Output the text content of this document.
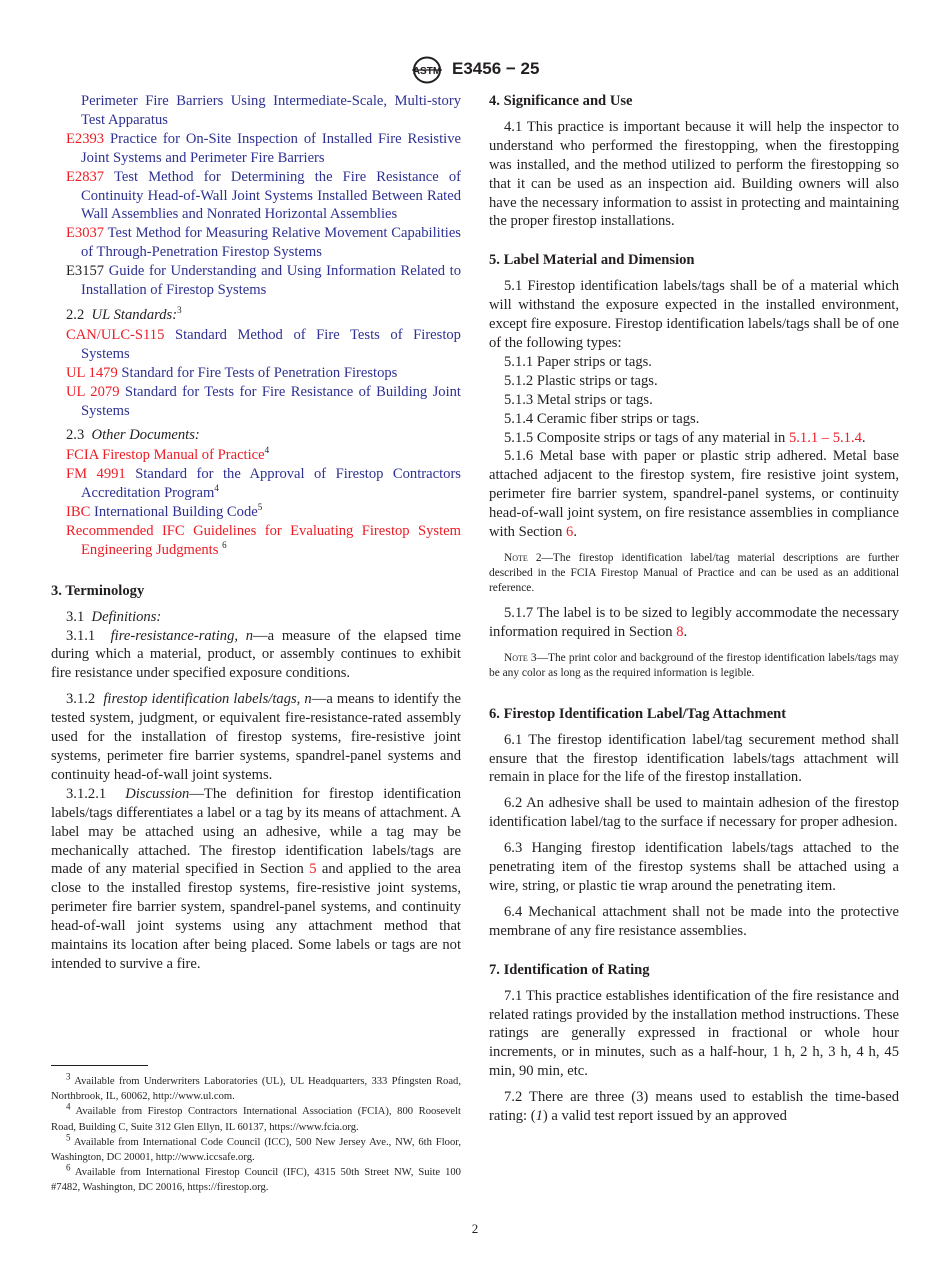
ASTM E3456 − 25

Perimeter Fire Barriers Using Intermediate-Scale, Multi-story Test Apparatus

E2393 Practice for On-Site Inspection of Installed Fire Resistive Joint Systems and Perimeter Fire Barriers

E2837 Test Method for Determining the Fire Resistance of Continuity Head-of-Wall Joint Systems Installed Between Rated Wall Assemblies and Nonrated Horizontal Assemblies

E3037 Test Method for Measuring Relative Movement Capabilities of Through-Penetration Firestop Systems

E3157 Guide for Understanding and Using Information Related to Installation of Firestop Systems

2.2 UL Standards:$^3$

CAN/ULC-S115 Standard Method of Fire Tests of Firestop Systems

UL 1479 Standard for Fire Tests of Penetration Firestops

UL 2079 Standard for Tests for Fire Resistance of Building Joint Systems

2.3 Other Documents:

FCIA Firestop Manual of Practice$^4$

FM 4991 Standard for the Approval of Firestop Contractors Accreditation Program$^4$

IBC International Building Code$^5$

Recommended IFC Guidelines for Evaluating Firestop System Engineering Judgments $^6$

3. Terminology

3.1 Definitions:

3.1.1 fire-resistance-rating, n—a measure of the elapsed time during which a material, product, or assembly continues to exhibit fire resistance under specified exposure conditions.

3.1.2 firestop identification labels/tags, n—a means to identify the tested system, judgment, or equivalent fire-resistance-rated assembly used for the installation of firestop systems, fire-resistive joint systems, perimeter fire barrier systems, spandrel-panel systems and continuity head-of-wall joint systems.

3.1.2.1 Discussion—The definition for firestop identification labels/tags differentiates a label or a tag by its means of attachment. A label may be attached using an adhesive, while a tag may be mechanically attached. The firestop identification labels/tags are made of any material specified in Section 5 and applied to the area close to the installed firestop systems, fire-resistive joint systems, perimeter fire barrier system, spandrel-panel systems, and continuity head-of-wall joint systems using any attachment method that maintains its location after being placed. Some labels or tags are not intended to survive a fire.

$^3$ Available from Underwriters Laboratories (UL), UL Headquarters, 333 Pfingsten Road, Northbrook, IL, 60062, http://www.ul.com.

$^4$ Available from Firestop Contractors International Association (FCIA), 800 Roosevelt Road, Building C, Suite 312 Glen Ellyn, IL 60137, https://www.fcia.org.

$^5$ Available from International Code Council (ICC), 500 New Jersey Ave., NW, 6th Floor, Washington, DC 20001, http://www.iccsafe.org.

$^6$ Available from International Firestop Council (IFC), 4315 50th Street NW, Suite 100 #7482, Washington, DC 20016, https://firestop.org.

4. Significance and Use

4.1 This practice is important because it will help the inspector to understand who performed the firestopping, when the firestopping was installed, and the method utilized to perform the firestopping so that it can be used as an inspection aid. Building owners will also have the necessary information to assist in protecting and maintaining the proper firestop installations.

5. Label Material and Dimension

5.1 Firestop identification labels/tags shall be of a material which will withstand the exposure expected in the installed environment, except fire exposure. Firestop identification labels/tags shall be of one of the following types:

5.1.1 Paper strips or tags.

5.1.2 Plastic strips or tags.

5.1.3 Metal strips or tags.

5.1.4 Ceramic fiber strips or tags.

5.1.5 Composite strips or tags of any material in 5.1.1 – 5.1.4.

5.1.6 Metal base with paper or plastic strip adhered. Metal base attached adjacent to the firestop system, fire resistive joint system, perimeter fire barrier system, spandrel-panel systems, or continuity head-of-wall joint system, on fire resistance assemblies in compliance with Section 6.

Note 2—The firestop identification label/tag material descriptions are further described in the FCIA Firestop Manual of Practice and can be used as an additional reference.

5.1.7 The label is to be sized to legibly accommodate the necessary information required in Section 8.

Note 3—The print color and background of the firestop identification labels/tags may be any color as long as the required information is legible.

6. Firestop Identification Label/Tag Attachment

6.1 The firestop identification label/tag securement method shall ensure that the firestop identification labels/tags attachment will remain in place for the life of the firestop installation.

6.2 An adhesive shall be used to maintain adhesion of the firestop identification label/tag to the surface if necessary for proper adhesion.

6.3 Hanging firestop identification labels/tags attached to the penetrating item of the firestop systems shall be attached using a wire, string, or plastic tie wrap around the penetrating item.

6.4 Mechanical attachment shall not be made into the protective membrane of any fire resistance assemblies.

7. Identification of Rating

7.1 This practice establishes identification of the fire resistance and related ratings provided by the installation method instructions. These ratings are generally expressed in fractional or whole hour increments, or in minutes, such as a half-hour, 1 h, 2 h, 3 h, 4 h, 45 min, 90 min, etc.

7.2 There are three (3) means used to establish the time-based rating: (1) a valid test report issued by an approved

2
